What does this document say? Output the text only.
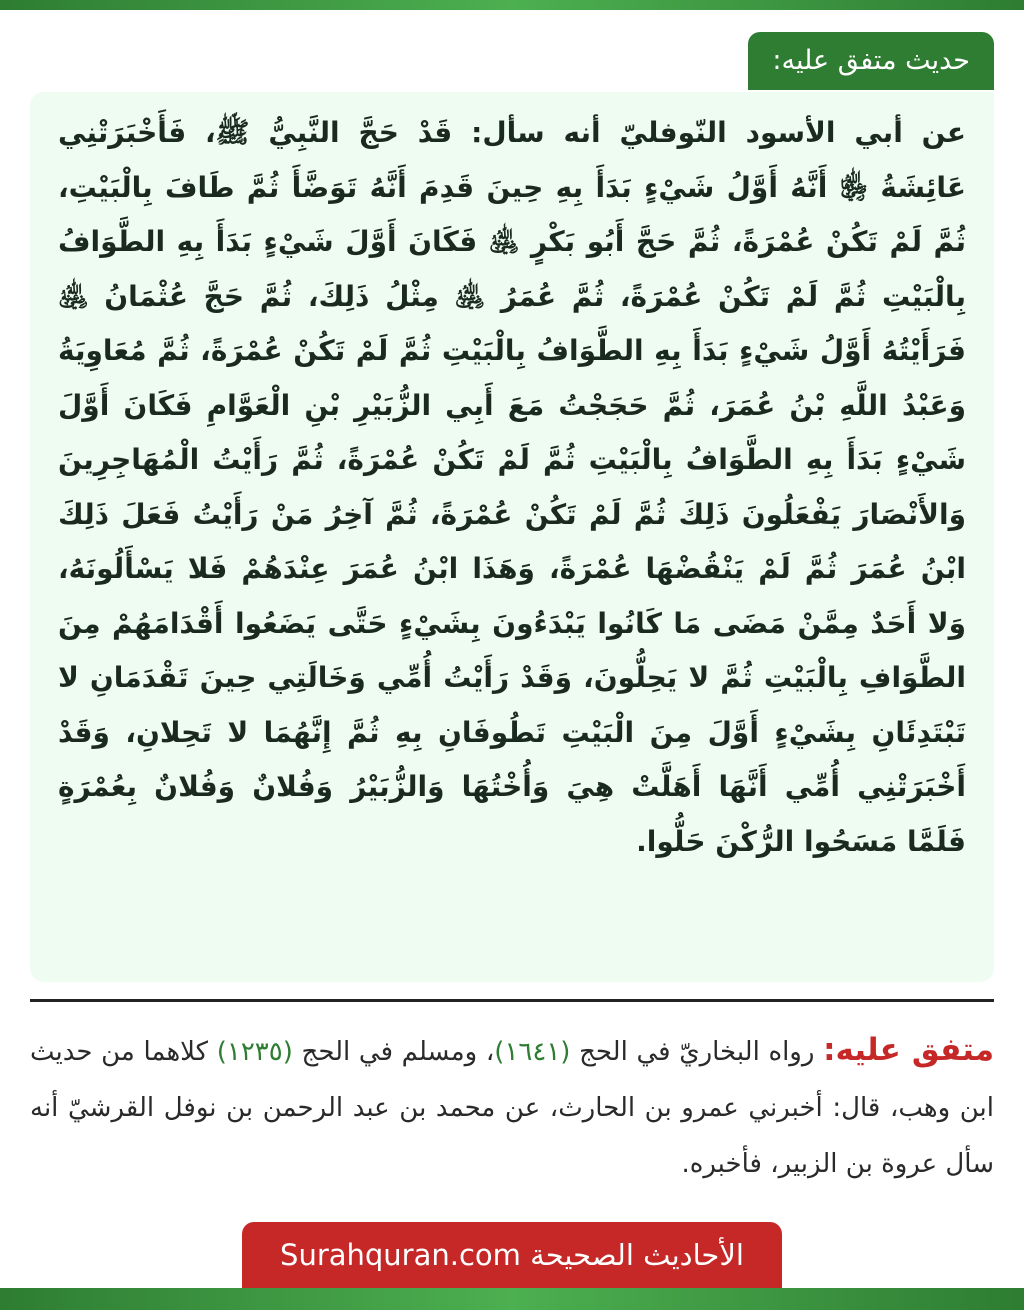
حديث متفق عليه:

عن أبي الأسود النّوفليّ أنه سأل: قَدْ حَجَّ النَّبِيُّ ﷺ، فَأَخْبَرَتْنِي عَائِشَةُ ﵂ أَنَّهُ أَوَّلُ شَيْءٍ بَدَأَ بِهِ حِينَ قَدِمَ أَنَّهُ تَوَضَّأَ ثُمَّ طَافَ بِالْبَيْتِ، ثُمَّ لَمْ تَكُنْ عُمْرَةً، ثُمَّ حَجَّ أَبُو بَكْرٍ ﵁ فَكَانَ أَوَّلَ شَيْءٍ بَدَأَ بِهِ الطَّوَافُ بِالْبَيْتِ ثُمَّ لَمْ تَكُنْ عُمْرَةً، ثُمَّ عُمَرُ ﵁ مِثْلُ ذَلِكَ، ثُمَّ حَجَّ عُثْمَانُ ﵁ فَرَأَيْتُهُ أَوَّلُ شَيْءٍ بَدَأَ بِهِ الطَّوَافُ بِالْبَيْتِ ثُمَّ لَمْ تَكُنْ عُمْرَةً، ثُمَّ مُعَاوِيَةُ وَعَبْدُ اللَّهِ بْنُ عُمَرَ، ثُمَّ حَجَجْتُ مَعَ أَبِي الزُّبَيْرِ بْنِ الْعَوَّامِ فَكَانَ أَوَّلَ شَيْءٍ بَدَأَ بِهِ الطَّوَافُ بِالْبَيْتِ ثُمَّ لَمْ تَكُنْ عُمْرَةً، ثُمَّ رَأَيْتُ الْمُهَاجِرِينَ وَالأَنْصَارَ يَفْعَلُونَ ذَلِكَ ثُمَّ لَمْ تَكُنْ عُمْرَةً، ثُمَّ آخِرُ مَنْ رَأَيْتُ فَعَلَ ذَلِكَ ابْنُ عُمَرَ ثُمَّ لَمْ يَنْقُضْهَا عُمْرَةً، وَهَذَا ابْنُ عُمَرَ عِنْدَهُمْ فَلا يَسْأَلُونَهُ، وَلا أَحَدٌ مِمَّنْ مَضَى مَا كَانُوا يَبْدَءُونَ بِشَيْءٍ حَتَّى يَضَعُوا أَقْدَامَهُمْ مِنَ الطَّوَافِ بِالْبَيْتِ ثُمَّ لا يَحِلُّونَ، وَقَدْ رَأَيْتُ أُمِّي وَخَالَتِي حِينَ تَقْدَمَانِ لا تَبْتَدِئَانِ بِشَيْءٍ أَوَّلَ مِنَ الْبَيْتِ تَطُوفَانِ بِهِ ثُمَّ إِنَّهُمَا لا تَحِلانِ، وَقَدْ أَخْبَرَتْنِي أُمِّي أَنَّهَا أَهَلَّتْ هِيَ وَأُخْتُهَا وَالزُّبَيْرُ وَفُلانٌ وَفُلانٌ بِعُمْرَةٍ فَلَمَّا مَسَحُوا الرُّكْنَ حَلُّوا.

متفق عليه: رواه البخاريّ في الحج (١٦٤١)، ومسلم في الحج (١٢٣٥) كلاهما من حديث ابن وهب، قال: أخبرني عمرو بن الحارث، عن محمد بن عبد الرحمن بن نوفل القرشيّ أنه سأل عروة بن الزبير، فأخبره.
الأحاديث الصحيحة Surahquran.com
